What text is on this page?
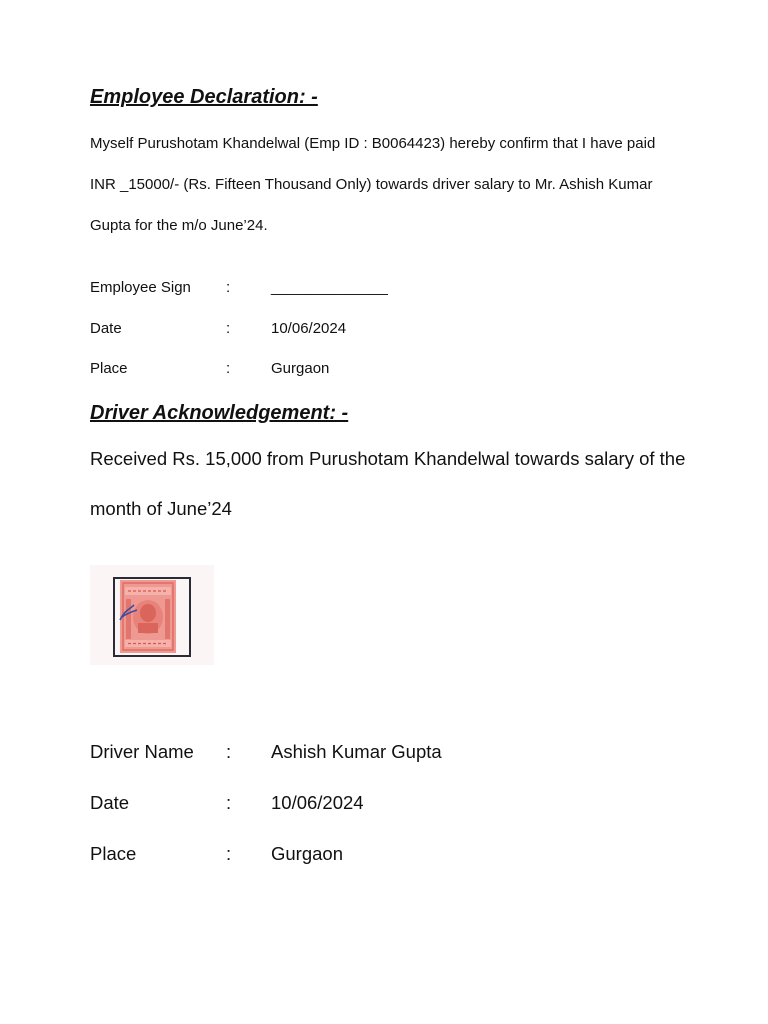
Employee Declaration: -

Myself Purushotam Khandelwal (Emp ID : B0064423) hereby confirm that I have paid

INR _15000/- (Rs. Fifteen Thousand Only) towards driver salary to Mr. Ashish Kumar

Gupta for the m/o June’24.

Employee Sign :	______________
Date	:	10/06/2024
Place	:	Gurgaon
Driver Acknowledgement: -

Received Rs. 15,000 from Purushotam Khandelwal towards salary of the

month of June’24

Driver Name : Ashish Kumar Gupta
Date	: 10/06/2024
Place	: Gurgaon
